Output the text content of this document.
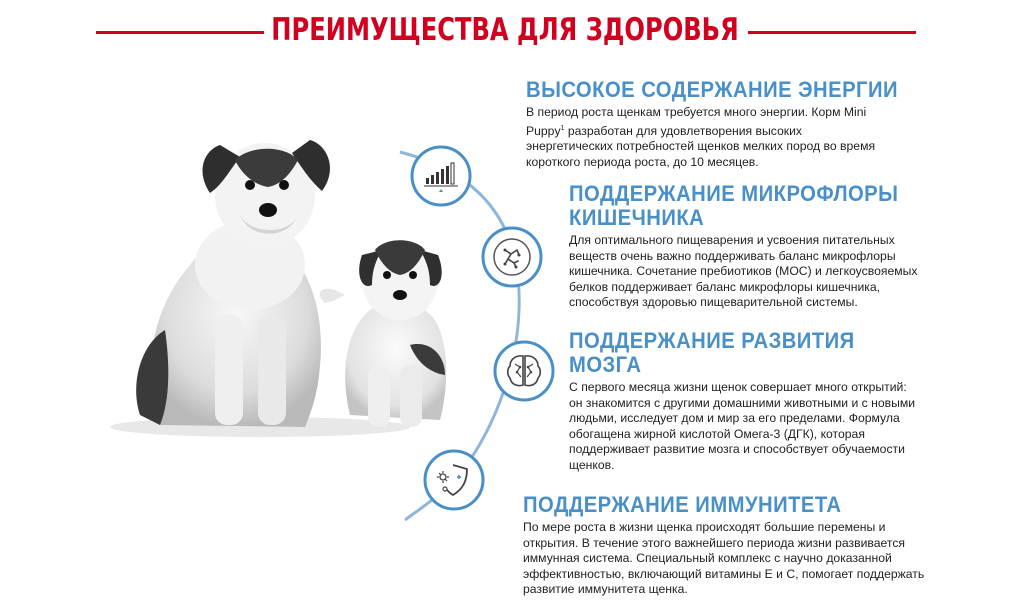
ПРЕИМУЩЕСТВА ДЛЯ ЗДОРОВЬЯ
ВЫСОКОЕ СОДЕРЖАНИЕ ЭНЕРГИИ
В период роста щенкам требуется много энергии. Корм Mini
Puppy$^1$ разработан для удовлетворения высоких
энергетических потребностей щенков мелких пород во время
короткого периода роста, до 10 месяцев.
ПОДДЕРЖАНИЕ МИКРОФЛОРЫ
КИШЕЧНИКА
Для оптимального пищеварения и усвоения питательных
веществ очень важно поддерживать баланс микрофлоры
кишечника. Сочетание пребиотиков (МОС) и легкоусвояемых
белков поддерживает баланс микрофлоры кишечника,
способствуя здоровью пищеварительной системы.
ПОДДЕРЖАНИЕ РАЗВИТИЯ
МОЗГА
С первого месяца жизни щенок совершает много открытий:
он знакомится с другими домашними животными и с новыми
людьми, исследует дом и мир за его пределами. Формула
обогащена жирной кислотой Омега-3 (ДГК), которая
поддерживает развитие мозга и способствует обучаемости
щенков.
ПОДДЕРЖАНИЕ ИММУНИТЕТА
По мере роста в жизни щенка происходят большие перемены и
открытия. В течение этого важнейшего периода жизни развивается
иммунная система. Специальный комплекс с научно доказанной
эффективностью, включающий витамины Е и С, помогает поддержать
развитие иммунитета щенка.
